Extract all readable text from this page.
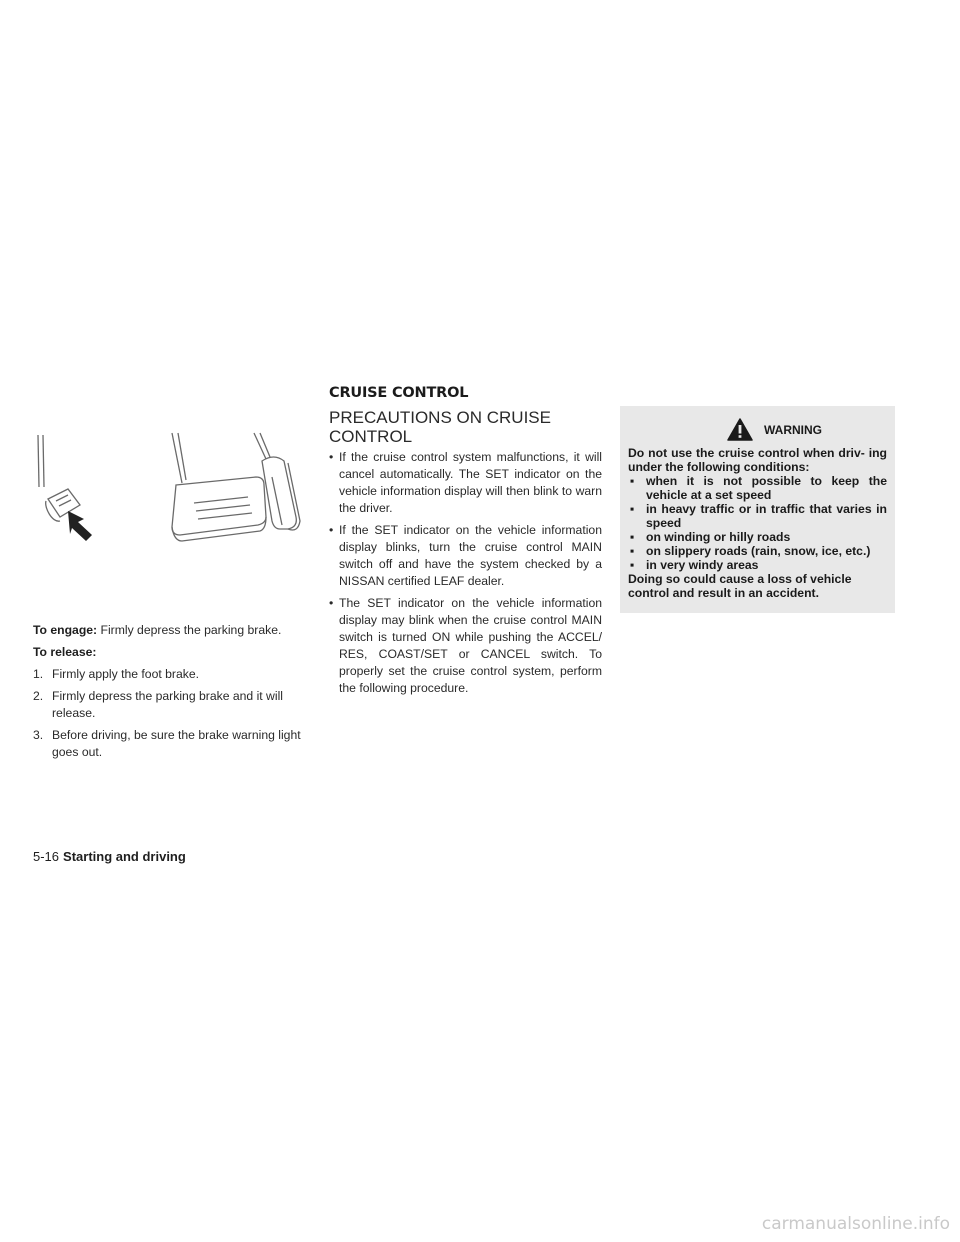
To engage: Firmly depress the parking brake.

To release:

1. Firmly apply the foot brake.
2. Firmly depress the parking brake and it will release.
3. Before driving, be sure the brake warning light goes out.
CRUISE CONTROL
PRECAUTIONS ON CRUISE CONTROL
• If the cruise control system malfunctions, it will cancel automatically. The SET indicator on the vehicle information display will then blink to warn the driver.
• If the SET indicator on the vehicle information display blinks, turn the cruise control MAIN switch off and have the system checked by a NISSAN certified LEAF dealer.
• The SET indicator on the vehicle information display may blink when the cruise control MAIN switch is turned ON while pushing the ACCEL/ RES, COAST/SET or CANCEL switch. To properly set the cruise control system, perform the following procedure.
WARNING

Do not use the cruise control when driv- ing under the following conditions:

▪ when it is not possible to keep the vehicle at a set speed
▪ in heavy traffic or in traffic that varies in speed
▪ on winding or hilly roads
▪ on slippery roads (rain, snow, ice, etc.)
▪ in very windy areas

Doing so could cause a loss of vehicle control and result in an accident.

5-16 Starting and driving
carmanualsonline.info
